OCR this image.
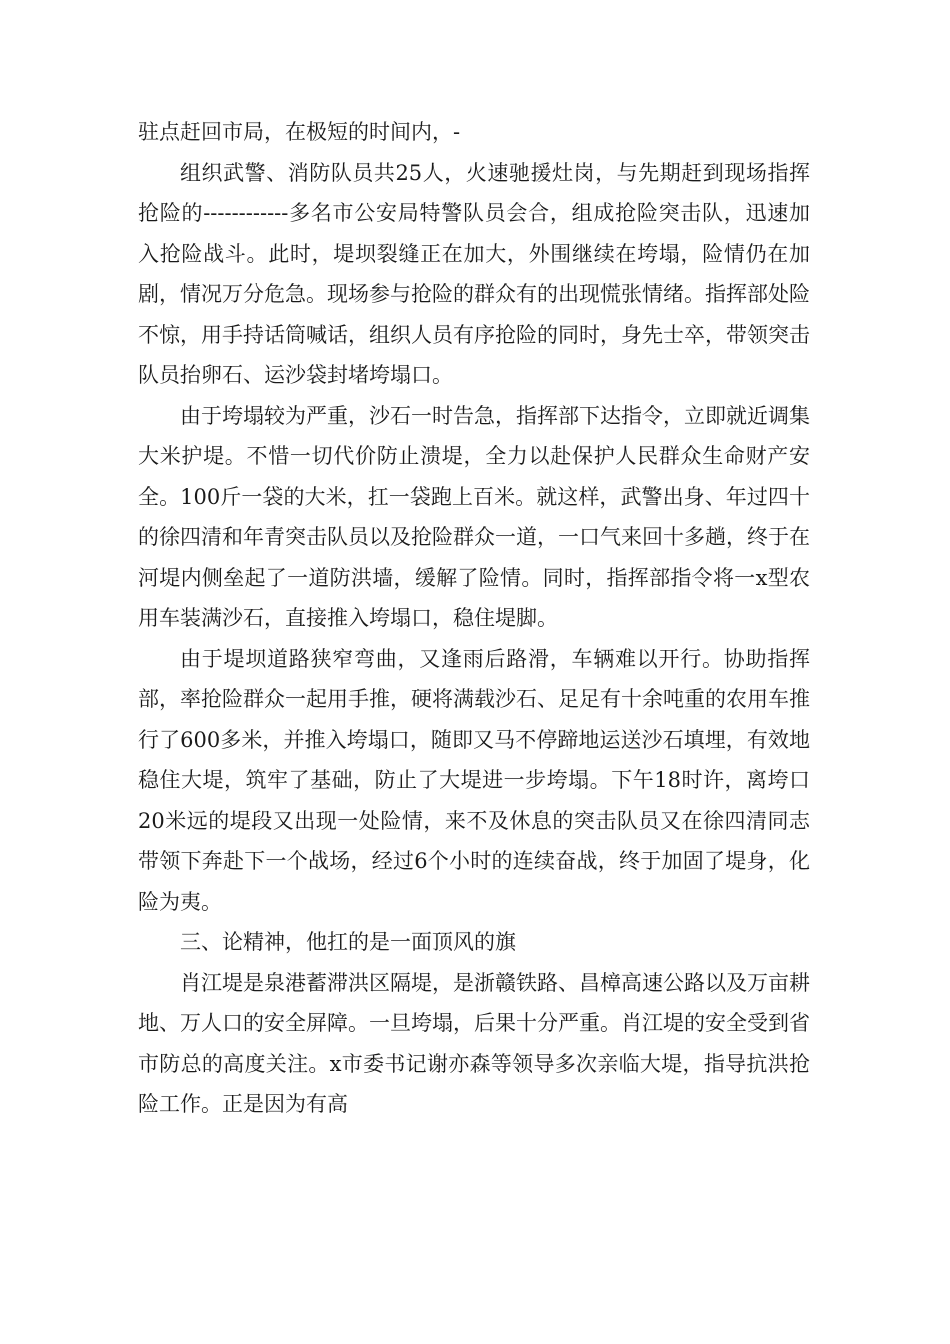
驻点赶回市局，在极短的时间内，-

组织武警、消防队员共25人，火速驰援灶岗，与先期赶到现场指挥抢险的------------多名市公安局特警队员会合，组成抢险突击队，迅速加入抢险战斗。此时，堤坝裂缝正在加大，外围继续在垮塌，险情仍在加剧，情况万分危急。现场参与抢险的群众有的出现慌张情绪。指挥部处险不惊，用手持话筒喊话，组织人员有序抢险的同时，身先士卒，带领突击队员抬卵石、运沙袋封堵垮塌口。

由于垮塌较为严重，沙石一时告急，指挥部下达指令，立即就近调集大米护堤。不惜一切代价防止溃堤，全力以赴保护人民群众生命财产安全。100斤一袋的大米，扛一袋跑上百米。就这样，武警出身、年过四十的徐四清和年青突击队员以及抢险群众一道，一口气来回十多趟，终于在河堤内侧垒起了一道防洪墙，缓解了险情。同时，指挥部指令将一x型农用车装满沙石，直接推入垮塌口，稳住堤脚。

由于堤坝道路狭窄弯曲，又逢雨后路滑，车辆难以开行。协助指挥部，率抢险群众一起用手推，硬将满载沙石、足足有十余吨重的农用车推行了600多米，并推入垮塌口，随即又马不停蹄地运送沙石填埋，有效地稳住大堤，筑牢了基础，防止了大堤进一步垮塌。下午18时许，离垮口20米远的堤段又出现一处险情，来不及休息的突击队员又在徐四清同志带领下奔赴下一个战场，经过6个小时的连续奋战，终于加固了堤身，化险为夷。

三、论精神，他扛的是一面顶风的旗

肖江堤是泉港蓄滞洪区隔堤，是浙赣铁路、昌樟高速公路以及万亩耕地、万人口的安全屏障。一旦垮塌，后果十分严重。肖江堤的安全受到省市防总的高度关注。x市委书记谢亦森等领导多次亲临大堤，指导抗洪抢险工作。正是因为有高
